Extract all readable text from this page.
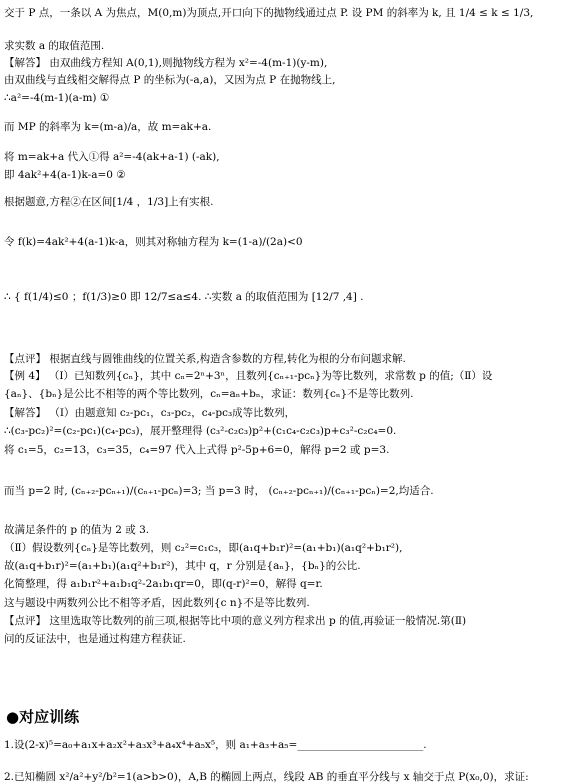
交于 P 点，一条以 A 为焦点，M(0,m)为顶点,开口向下的抛物线通过点 P. 设 PM 的斜率为 k, 且 1/4 ≤ k ≤ 1/3,
求实数 a 的取值范围.
【解答】 由双曲线方程知 A(0,1),则抛物线方程为 x²=-4(m-1)(y-m),
由双曲线与直线相交解得点 P 的坐标为(-a,a)，又因为点 P 在抛物线上,
∴a²=-4(m-1)(a-m) ①
而 MP 的斜率为 k=(m-a)/a，故 m=ak+a.
将 m=ak+a 代入①得 a²=-4(ak+a-1) (-ak),
即 4ak²+4(a-1)k-a=0 ②
根据题意,方程②在区间[1/4 ，1/3]上有实根.
令 f(k)=4ak²+4(a-1)k-a，则其对称轴方程为 k=(1-a)/(2a)<0
∴ { f(1/4)≤0 ；f(1/3)≥0 即 12/7≤a≤4. ∴实数 a 的取值范围为 [12/7 ,4] .
【点评】 根据直线与圆锥曲线的位置关系,构造含参数的方程,转化为根的分布问题求解.
【例 4】 （Ⅰ）已知数列{cₙ}，其中 cₙ=2ⁿ+3ⁿ，且数列{cₙ₊₁-pcₙ}为等比数列，求常数 p 的值;（Ⅱ）设
{aₙ}、{bₙ}是公比不相等的两个等比数列，cₙ=aₙ+bₙ，求证：数列{cₙ}不是等比数列.
【解答】 （Ⅰ）由题意知 c₂-pc₁，c₃-pc₂，c₄-pc₃成等比数列，
∴(c₃-pc₂)²=(c₂-pc₁)(c₄-pc₃)，展开整理得 (c₃²-c₂c₃)p²+(c₁c₄-c₂c₃)p+c₃²-c₂c₄=0.
将 c₁=5，c₂=13，c₃=35，c₄=97 代入上式得 p²-5p+6=0，解得 p=2 或 p=3.
而当 p=2 时, (cₙ₊₂-pcₙ₊₁)/(cₙ₊₁-pcₙ)=3; 当 p=3 时， (cₙ₊₂-pcₙ₊₁)/(cₙ₊₁-pcₙ)=2,均适合.
故满足条件的 p 的值为 2 或 3.
（Ⅱ）假设数列{cₙ}是等比数列，则 c₂²=c₁c₃，即(a₁q+b₁r)²=(a₁+b₁)(a₁q²+b₁r²),
故(a₁q+b₁r)²=(a₁+b₁)(a₁q²+b₁r²)，其中 q，r 分别是{aₙ}，{bₙ}的公比.
化简整理，得 a₁b₁r²+a₁b₁q²-2a₁b₁qr=0，即(q-r)²=0，解得 q=r.
这与题设中两数列公比不相等矛盾，因此数列{c n}不是等比数列.
【点评】 这里选取等比数列的前三项,根据等比中项的意义列方程求出 p 的值,再验证一般情况.第(Ⅱ)
问的反证法中，也是通过构建方程获证.
●对应训练
1.设(2-x)⁵=a₀+a₁x+a₂x²+a₃x³+a₄x⁴+a₅x⁵，则 a₁+a₃+a₅=________________________.
2.已知椭圆 x²/a²+y²/b²=1(a>b>0)，A,B 的椭圆上两点，线段 AB 的垂直平分线与 x 轴交于点 P(x₀,0)，求证:
